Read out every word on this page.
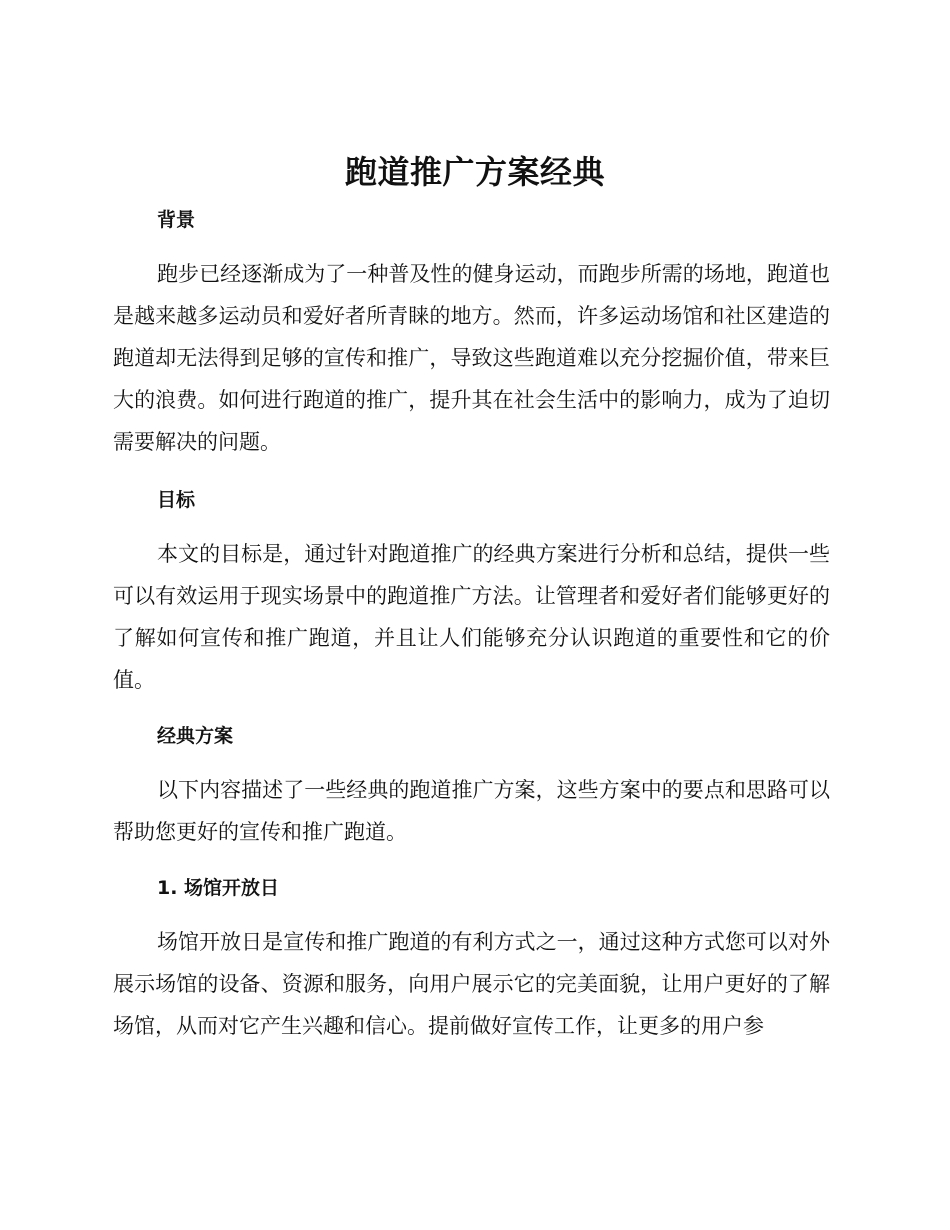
跑道推广方案经典
背景

跑步已经逐渐成为了一种普及性的健身运动，而跑步所需的场地，跑道也是越来越多运动员和爱好者所青睐的地方。然而，许多运动场馆和社区建造的跑道却无法得到足够的宣传和推广，导致这些跑道难以充分挖掘价值，带来巨大的浪费。如何进行跑道的推广，提升其在社会生活中的影响力，成为了迫切需要解决的问题。

目标

本文的目标是，通过针对跑道推广的经典方案进行分析和总结，提供一些可以有效运用于现实场景中的跑道推广方法。让管理者和爱好者们能够更好的了解如何宣传和推广跑道，并且让人们能够充分认识跑道的重要性和它的价值。

经典方案

以下内容描述了一些经典的跑道推广方案，这些方案中的要点和思路可以帮助您更好的宣传和推广跑道。

1. 场馆开放日

场馆开放日是宣传和推广跑道的有利方式之一，通过这种方式您可以对外展示场馆的设备、资源和服务，向用户展示它的完美面貌，让用户更好的了解场馆，从而对它产生兴趣和信心。提前做好宣传工作，让更多的用户参
